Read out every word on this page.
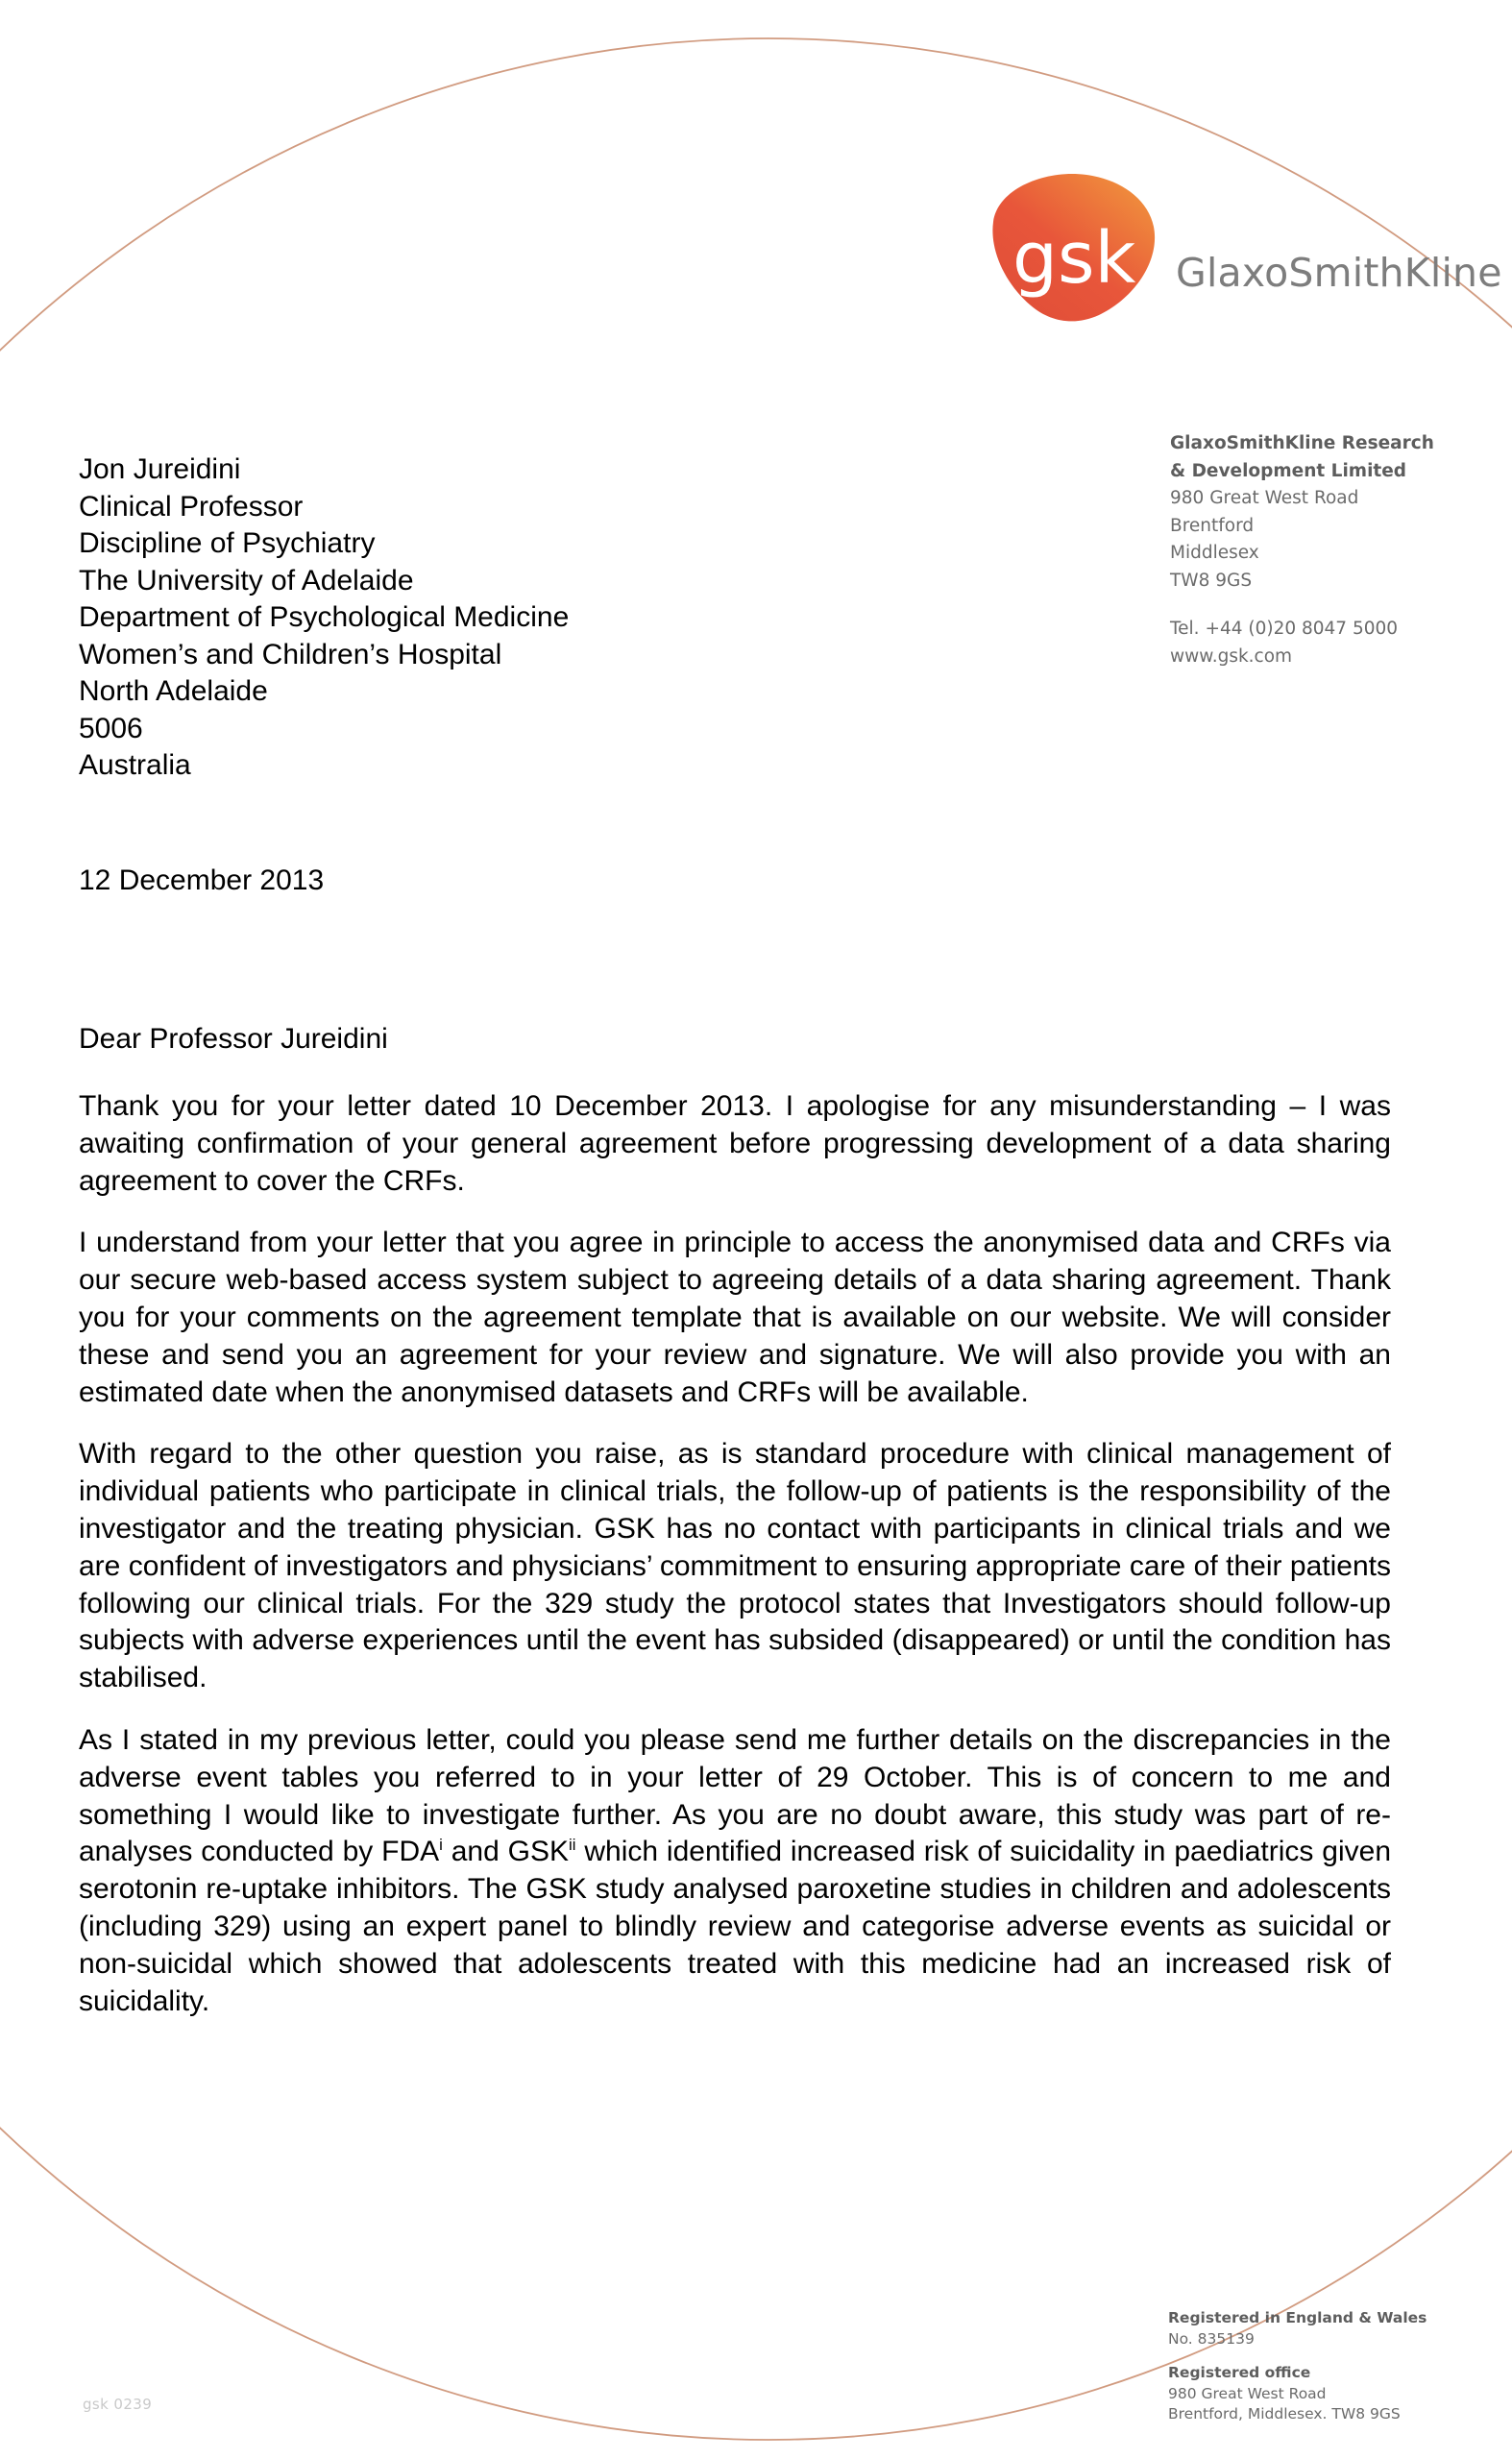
gsk GlaxoSmithKline
GlaxoSmithKline Research
& Development Limited
980 Great West Road
Brentford
Middlesex
TW8 9GS
Tel. +44 (0)20 8047 5000
www.gsk.com
Jon Jureidini
Clinical Professor
Discipline of Psychiatry
The University of Adelaide
Department of Psychological Medicine
Women’s and Children’s Hospital
North Adelaide
5006
Australia
12 December 2013
Dear Professor Jureidini

Thank you for your letter dated 10 December 2013. I apologise for any misunderstanding – I was awaiting confirmation of your general agreement before progressing development of a data sharing agreement to cover the CRFs.

I understand from your letter that you agree in principle to access the anonymised data and CRFs via our secure web-based access system subject to agreeing details of a data sharing agreement. Thank you for your comments on the agreement template that is available on our website. We will consider these and send you an agreement for your review and signature. We will also provide you with an estimated date when the anonymised datasets and CRFs will be available.

With regard to the other question you raise, as is standard procedure with clinical management of individual patients who participate in clinical trials, the follow-up of patients is the responsibility of the investigator and the treating physician. GSK has no contact with participants in clinical trials and we are confident of investigators and physicians’ commitment to ensuring appropriate care of their patients following our clinical trials. For the 329 study the protocol states that Investigators should follow-up subjects with adverse experiences until the event has subsided (disappeared) or until the condition has stabilised.

As I stated in my previous letter, could you please send me further details on the discrepancies in the adverse event tables you referred to in your letter of 29 October. This is of concern to me and something I would like to investigate further. As you are no doubt aware, this study was part of re-analyses conducted by FDA$^i$ and GSK$^{ii}$ which identified increased risk of suicidality in paediatrics given serotonin re-uptake inhibitors. The GSK study analysed paroxetine studies in children and adolescents (including 329) using an expert panel to blindly review and categorise adverse events as suicidal or non-suicidal which showed that adolescents treated with this medicine had an increased risk of suicidality.

Registered in England & Wales
No. 835139
Registered office
980 Great West Road
Brentford, Middlesex. TW8 9GS
gsk 0239
